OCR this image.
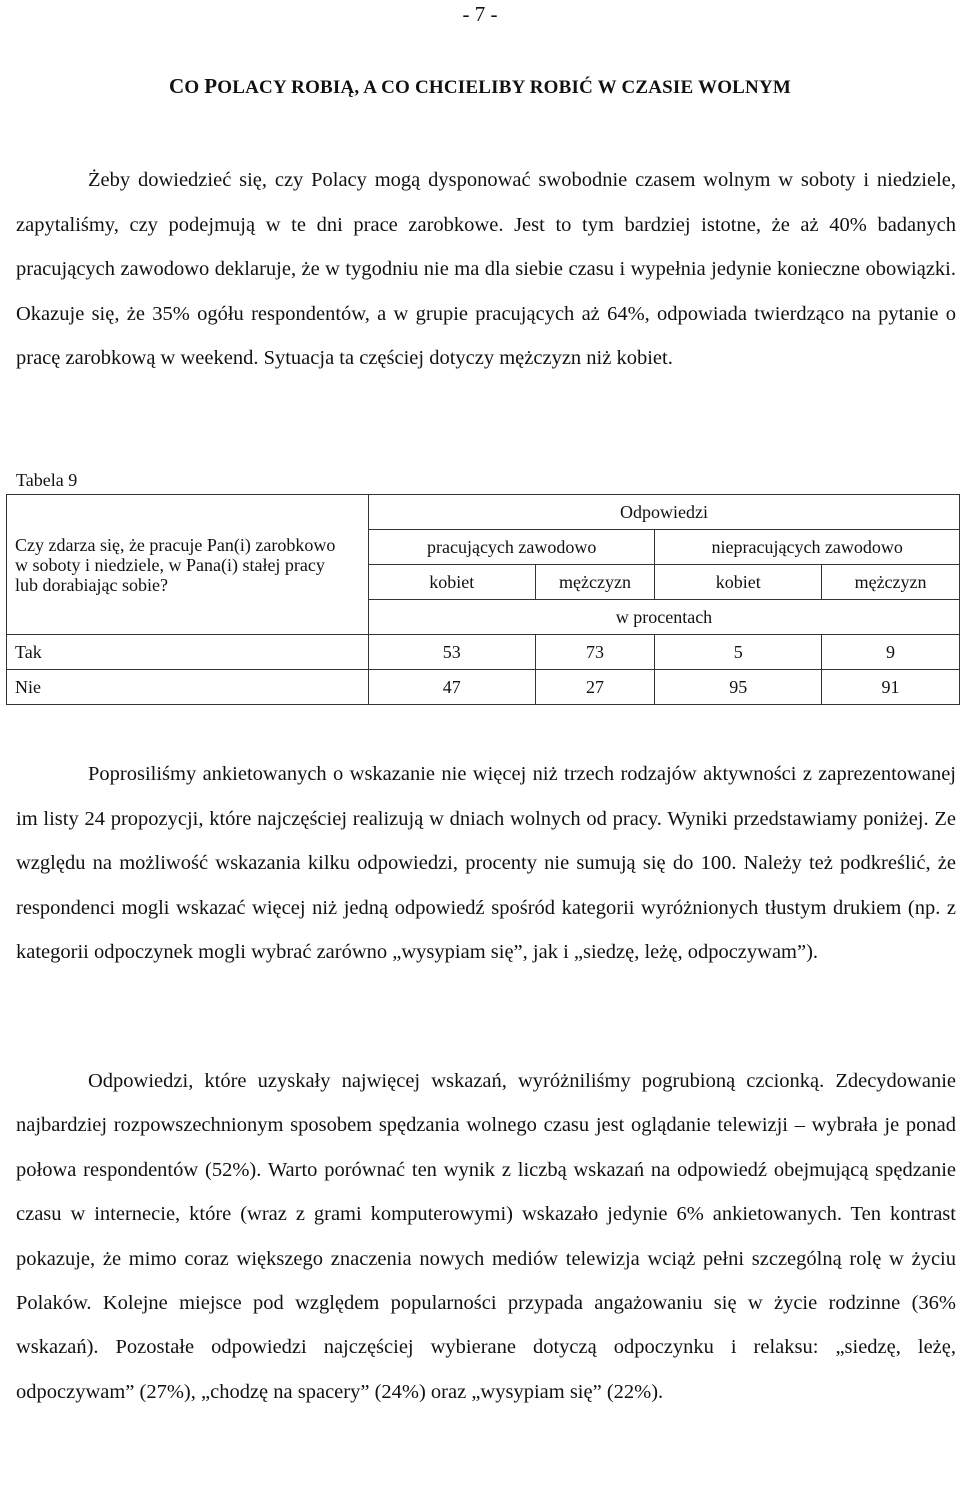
- 7 -
CO POLACY ROBIĄ, A CO CHCIELIBY ROBIĆ W CZASIE WOLNYM

Żeby dowiedzieć się, czy Polacy mogą dysponować swobodnie czasem wolnym w soboty i niedziele, zapytaliśmy, czy podejmują w te dni prace zarobkowe. Jest to tym bardziej istotne, że aż 40% badanych pracujących zawodowo deklaruje, że w tygodniu nie ma dla siebie czasu i wypełnia jedynie konieczne obowiązki. Okazuje się, że 35% ogółu respondentów, a w grupie pracujących aż 64%, odpowiada twierdząco na pytanie o pracę zarobkową w weekend. Sytuacja ta częściej dotyczy mężczyzn niż kobiet.

Tabela 9
Czy zdarza się, że pracuje Pan(i) zarobkowo w soboty i niedziele, w Pana(i) stałej pracy lub dorabiając sobie?	Odpowiedzi			
	pracujących zawodowo		niepracujących zawodowo	
	kobiet	mężczyzn	kobiet	mężczyzn
	w procentach			
Tak	53	73	5	9
Nie	47	27	95	91

Poprosiliśmy ankietowanych o wskazanie nie więcej niż trzech rodzajów aktywności z zaprezentowanej im listy 24 propozycji, które najczęściej realizują w dniach wolnych od pracy. Wyniki przedstawiamy poniżej. Ze względu na możliwość wskazania kilku odpowiedzi, procenty nie sumują się do 100. Należy też podkreślić, że respondenci mogli wskazać więcej niż jedną odpowiedź spośród kategorii wyróżnionych tłustym drukiem (np. z kategorii odpoczynek mogli wybrać zarówno „wysypiam się”, jak i „siedzę, leżę, odpoczywam”).

Odpowiedzi, które uzyskały najwięcej wskazań, wyróżniliśmy pogrubioną czcionką. Zdecydowanie najbardziej rozpowszechnionym sposobem spędzania wolnego czasu jest oglądanie telewizji – wybrała je ponad połowa respondentów (52%). Warto porównać ten wynik z liczbą wskazań na odpowiedź obejmującą spędzanie czasu w internecie, które (wraz z grami komputerowymi) wskazało jedynie 6% ankietowanych. Ten kontrast pokazuje, że mimo coraz większego znaczenia nowych mediów telewizja wciąż pełni szczególną rolę w życiu Polaków. Kolejne miejsce pod względem popularności przypada angażowaniu się w życie rodzinne (36% wskazań). Pozostałe odpowiedzi najczęściej wybierane dotyczą odpoczynku i relaksu: „siedzę, leżę, odpoczywam” (27%), „chodzę na spacery” (24%) oraz „wysypiam się” (22%).
